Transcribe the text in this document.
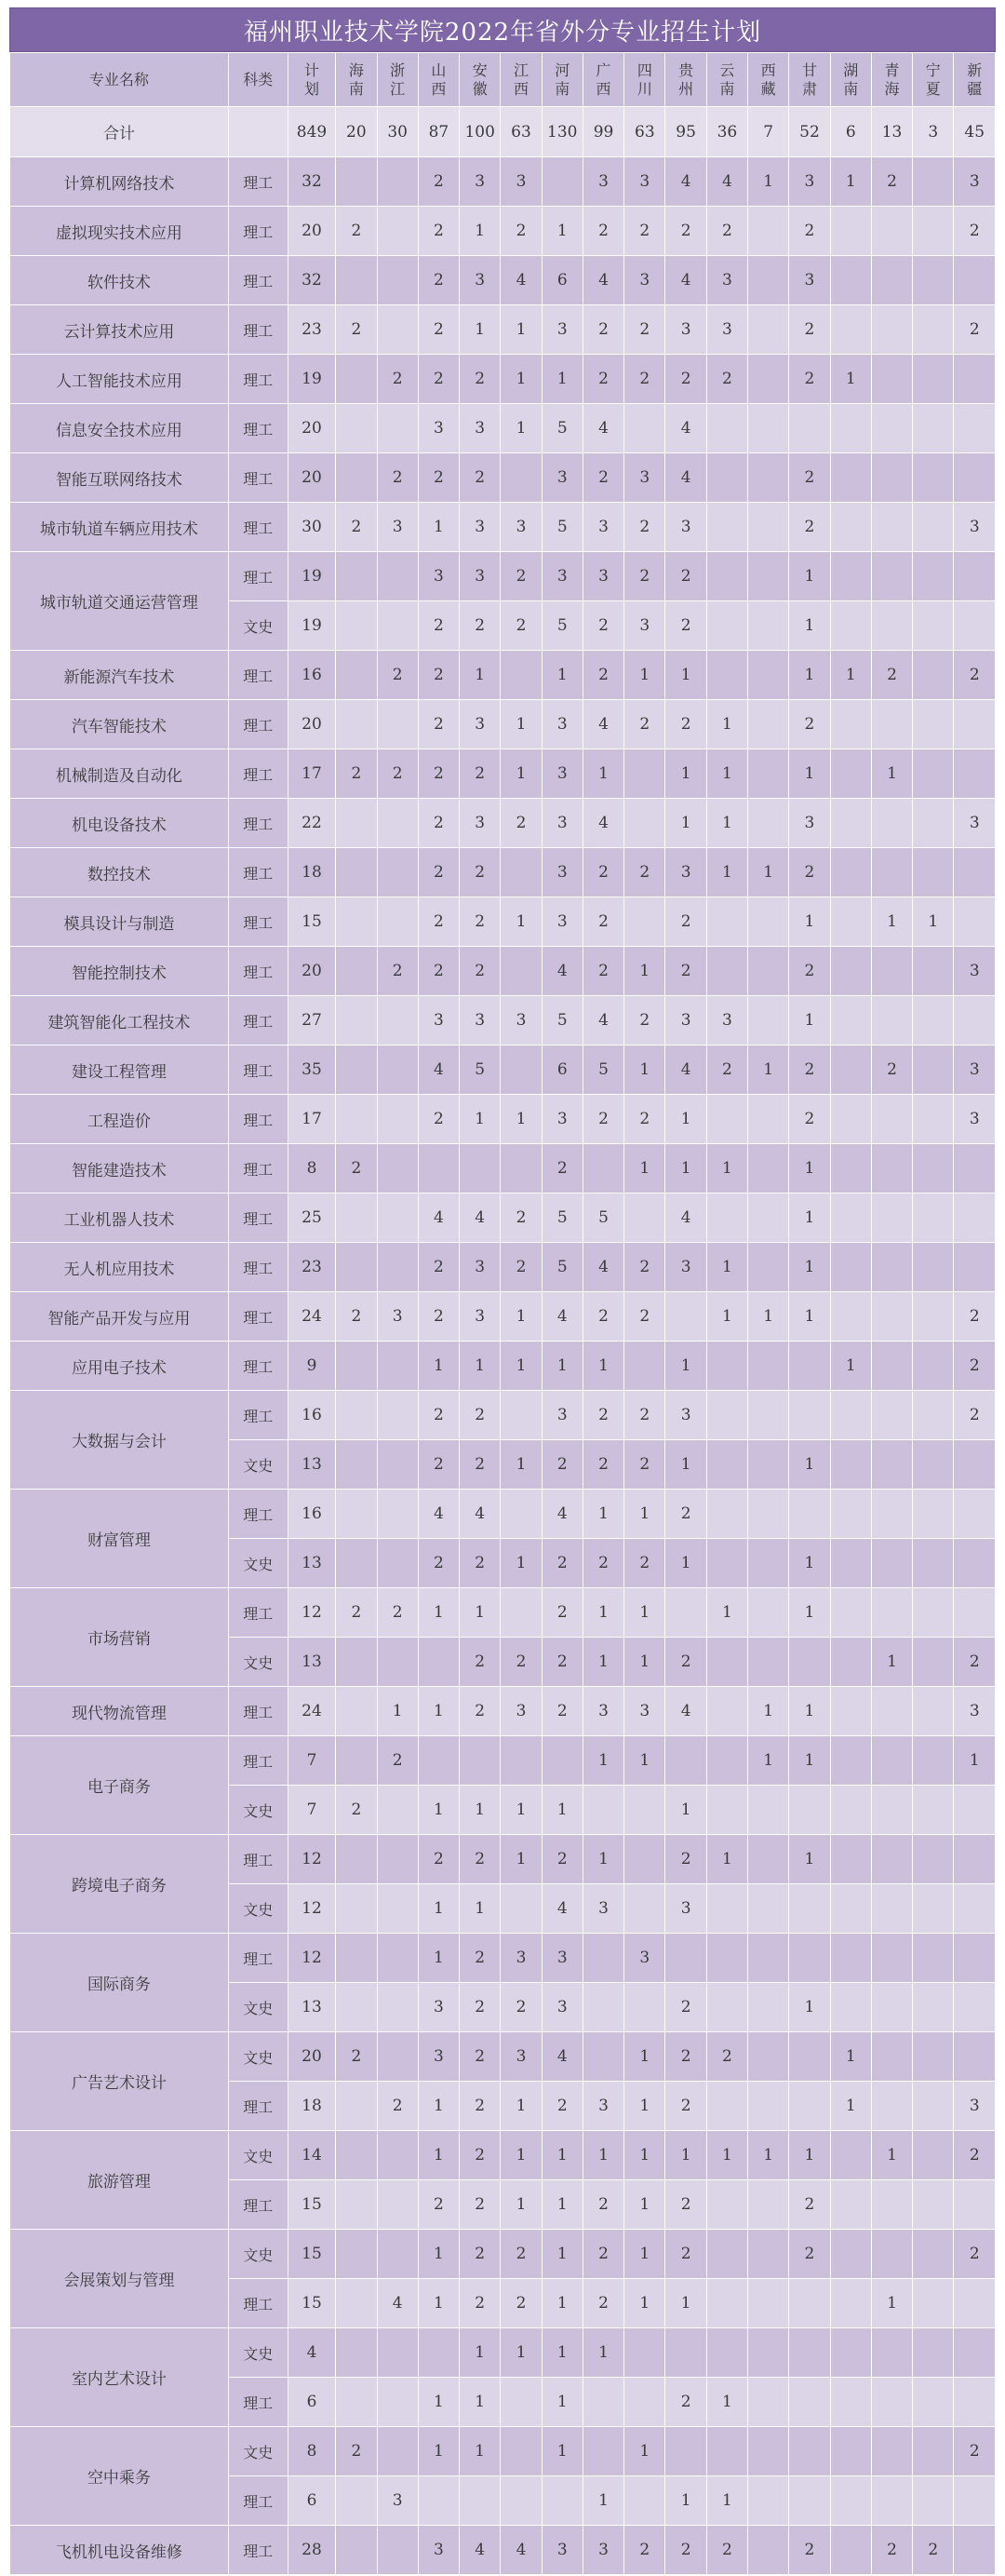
福州职业技术学院2022年省外分专业招生计划
专业名称	科类	计划	海南	浙江	山西	安徽	江西	河南	广西	四川	贵州	云南	西藏	甘肃	湖南	青海	宁夏	新疆
合计		849	20	30	87	100	63	130	99	63	95	36	7	52	6	13	3	45
计算机网络技术	理工	32			2	3	3		3	3	4	4	1	3	1	2		3
虚拟现实技术应用	理工	20	2		2	1	2	1	2	2	2	2		2				2
软件技术	理工	32			2	3	4	6	4	3	4	3		3				
云计算技术应用	理工	23	2		2	1	1	3	2	2	3	3		2				2
人工智能技术应用	理工	19		2	2	2	1	1	2	2	2	2		2	1			
信息安全技术应用	理工	20			3	3	1	5	4		4							
智能互联网络技术	理工	20		2	2	2		3	2	3	4			2				
城市轨道车辆应用技术	理工	30	2	3	1	3	3	5	3	2	3			2				3
城市轨道交通运营管理	理工	19			3	3	2	3	3	2	2			1				
	文史	19			2	2	2	5	2	3	2			1				
新能源汽车技术	理工	16		2	2	1		1	2	1	1			1	1	2		2
汽车智能技术	理工	20			2	3	1	3	4	2	2	1		2				
机械制造及自动化	理工	17	2	2	2	2	1	3	1		1	1		1		1		
机电设备技术	理工	22			2	3	2	3	4		1	1		3				3
数控技术	理工	18			2	2		3	2	2	3	1	1	2				
模具设计与制造	理工	15			2	2	1	3	2		2			1		1	1	
智能控制技术	理工	20		2	2	2		4	2	1	2			2				3
建筑智能化工程技术	理工	27			3	3	3	5	4	2	3	3		1				
建设工程管理	理工	35			4	5		6	5	1	4	2	1	2		2		3
工程造价	理工	17			2	1	1	3	2	2	1			2				3
智能建造技术	理工	8	2					2		1	1	1		1				
工业机器人技术	理工	25			4	4	2	5	5		4			1				
无人机应用技术	理工	23			2	3	2	5	4	2	3	1		1				
智能产品开发与应用	理工	24	2	3	2	3	1	4	2	2		1	1	1				2
应用电子技术	理工	9			1	1	1	1	1		1				1			2
大数据与会计	理工	16			2	2		3	2	2	3							2
	文史	13			2	2	1	2	2	2	1			1				
财富管理	理工	16			4	4		4	1	1	2							
	文史	13			2	2	1	2	2	2	1			1				
市场营销	理工	12	2	2	1	1		2	1	1		1		1				
	文史	13				2	2	2	1	1	2					1		2
现代物流管理	理工	24		1	1	2	3	2	3	3	4		1	1				3
电子商务	理工	7		2					1	1			1	1				1
	文史	7	2		1	1	1	1			1							
跨境电子商务	理工	12			2	2	1	2	1		2	1		1				
	文史	12			1	1		4	3		3							
国际商务	理工	12			1	2	3	3		3								
	文史	13			3	2	2	3			2			1				
广告艺术设计	文史	20	2		3	2	3	4		1	2	2			1			
	理工	18		2	1	2	1	2	3	1	2				1			3
旅游管理	文史	14			1	2	1	1	1	1	1	1	1	1		1		2
	理工	15			2	2	1	1	2	1	2			2				
会展策划与管理	文史	15			1	2	2	1	2	1	2			2				2
	理工	15		4	1	2	2	1	2	1	1					1		
室内艺术设计	文史	4				1	1	1	1									
	理工	6			1	1		1			2	1						
空中乘务	文史	8	2		1	1		1		1								2
	理工	6		3					1		1	1						
飞机机电设备维修	理工	28			3	4	4	3	3	2	2	2		2		2	2	
